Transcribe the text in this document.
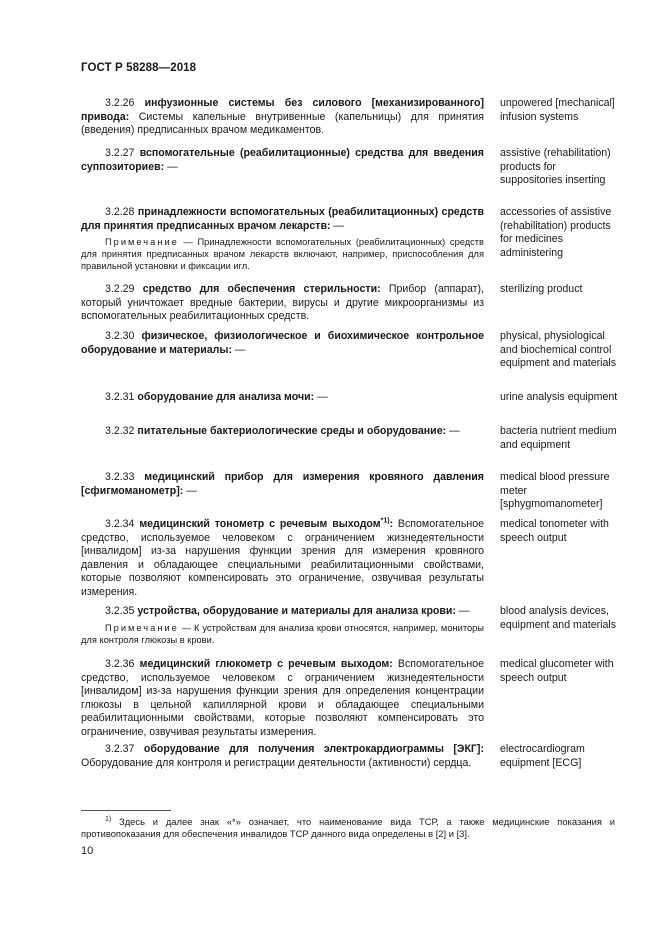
ГОСТ Р 58288—2018
3.2.26 инфузионные системы без силового [механизированного] привода: Системы капельные внутривенные (капельницы) для принятия (введения) предписанных врачом медикаментов.
unpowered [mechanical] infusion systems
3.2.27 вспомогательные (реабилитационные) средства для введения суппозиториев: —
assistive (rehabilitation) products for suppositories inserting
3.2.28 принадлежности вспомогательных (реабилитационных) средств для принятия предписанных врачом лекарств: —
Примечание — Принадлежности вспомогательных (реабилитационных) средств для принятия предписанных врачом лекарств включают, например, приспособления для правильной установки и фиксации игл.
accessories of assistive (rehabilitation) products for medicines administering
3.2.29 средство для обеспечения стерильности: Прибор (аппарат), который уничтожает вредные бактерии, вирусы и другие микроорганизмы из вспомогательных реабилитационных средств.
sterilizing product
3.2.30 физическое, физиологическое и биохимическое контрольное оборудование и материалы: —
physical, physiological and biochemical control equipment and materials
3.2.31 оборудование для анализа мочи: —	urine analysis equipment
3.2.32 питательные бактериологические среды и оборудование: —	bacteria nutrient medium and equipment
3.2.33 медицинский прибор для измерения кровяного давления [сфигмоманометр]: —
medical blood pressure meter [sphygmomanometer]
3.2.34 медицинский тонометр с речевым выходом$^{*1)}$: Вспомогательное средство, используемое человеком с ограничением жизнедеятельности [инвалидом] из-за нарушения функции зрения для измерения кровяного давления и обладающее специальными реабилитационными свойствами, которые позволяют компенсировать это ограничение, озвучивая результаты измерения.
medical tonometer with speech output
3.2.35 устройства, оборудование и материалы для анализа крови: —
Примечание — К устройствам для анализа крови относятся, например, мониторы для контроля глюкозы в крови.
blood analysis devices, equipment and materials
3.2.36 медицинский глюкометр с речевым выходом: Вспомогательное средство, используемое человеком с ограничением жизнедеятельности [инвалидом] из-за нарушения функции зрения для определения концентрации глюкозы в цельной капиллярной крови и обладающее специальными реабилитационными свойствами, которые позволяют компенсировать это ограничение, озвучивая результаты измерения.
medical glucometer with speech output
3.2.37 оборудование для получения электрокардиограммы [ЭКГ]: Оборудование для контроля и регистрации деятельности (активности) сердца.
electrocardiogram equipment [ECG]
$^{1)}$ Здесь и далее знак «*» означает, что наименование вида ТСР, а также медицинские показания и противопоказания для обеспечения инвалидов ТСР данного вида определены в [2] и [3].
10
